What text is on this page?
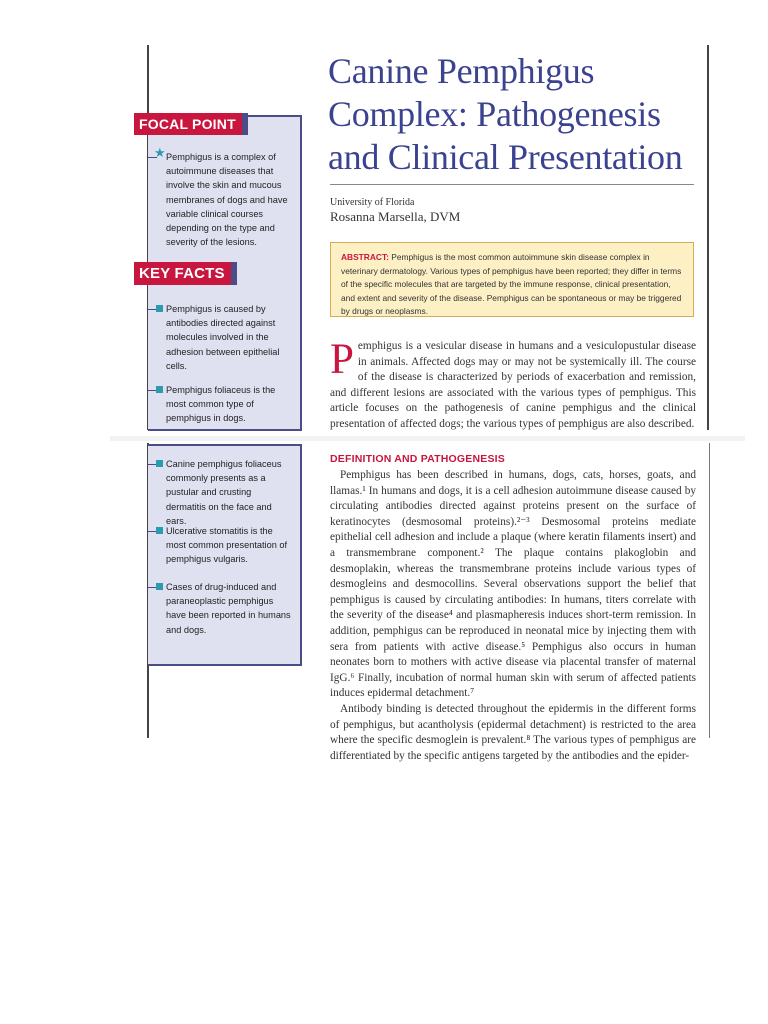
FOCAL POINT
KEY FACTS
★ Pemphigus is a complex of autoimmune diseases that involve the skin and mucous membranes of dogs and have variable clinical courses depending on the type and severity of the lesions.
Pemphigus is caused by antibodies directed against molecules involved in the adhesion between epithelial cells.
Pemphigus foliaceus is the most common type of pemphigus in dogs.
Canine pemphigus foliaceus commonly presents as a pustular and crusting dermatitis on the face and ears.
Ulcerative stomatitis is the most common presentation of pemphigus vulgaris.
Cases of drug-induced and paraneoplastic pemphigus have been reported in humans and dogs.
Canine Pemphigus Complex: Pathogenesis and Clinical Presentation
University of Florida
Rosanna Marsella, DVM
ABSTRACT: Pemphigus is the most common autoimmune skin disease complex in veterinary dermatology. Various types of pemphigus have been reported; they differ in terms of the specific molecules that are targeted by the immune response, clinical presentation, and extent and severity of the disease. Pemphigus can be spontaneous or may be triggered by drugs or neoplasms.
P emphigus is a vesicular disease in humans and a vesiculopustular disease in animals. Affected dogs may or may not be systemically ill. The course of the disease is characterized by periods of exacerbation and remission, and different lesions are associated with the various types of pemphigus. This article focuses on the pathogenesis of canine pemphigus and the clinical presentation of affected dogs; the various types of pemphigus are also described.
DEFINITION AND PATHOGENESIS

Pemphigus has been described in humans, dogs, cats, horses, goats, and llamas.¹ In humans and dogs, it is a cell adhesion autoimmune disease caused by circulating antibodies directed against proteins present on the surface of keratinocytes (desmosomal proteins).²⁻³ Desmosomal proteins mediate epithelial cell adhesion and include a plaque (where keratin filaments insert) and a transmembrane component.² The plaque contains plakoglobin and desmoplakin, whereas the transmembrane proteins include various types of desmogleins and desmocollins. Several observations support the belief that pemphigus is caused by circulating antibodies: In humans, titers correlate with the severity of the disease⁴ and plasmapheresis induces short-term remission. In addition, pemphigus can be reproduced in neonatal mice by injecting them with sera from patients with active disease.⁵ Pemphigus also occurs in human neonates born to mothers with active disease via placental transfer of maternal IgG.⁶ Finally, incubation of normal human skin with serum of affected patients induces epidermal detachment.⁷

Antibody binding is detected throughout the epidermis in the different forms of pemphigus, but acantholysis (epidermal detachment) is restricted to the area where the specific desmoglein is prevalent.⁸ The various types of pemphigus are differentiated by the specific antigens targeted by the antibodies and the epider-
